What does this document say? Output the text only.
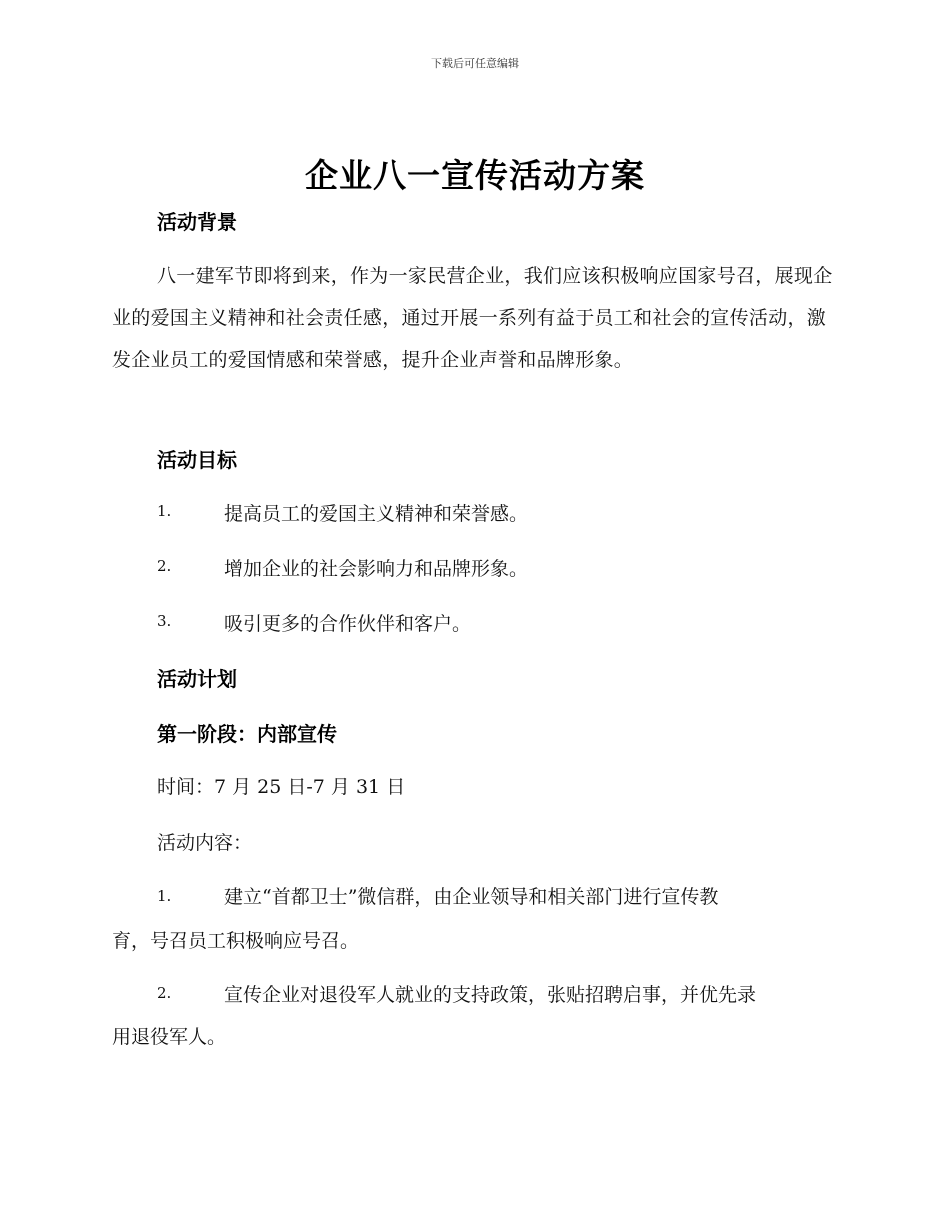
下载后可任意编辑
企业八一宣传活动方案
活动背景
八一建军节即将到来，作为一家民营企业，我们应该积极响应国家号召，展现企业的爱国主义精神和社会责任感，通过开展一系列有益于员工和社会的宣传活动，激发企业员工的爱国情感和荣誉感，提升企业声誉和品牌形象。
活动目标
1.	提高员工的爱国主义精神和荣誉感。
2.	增加企业的社会影响力和品牌形象。
3.	吸引更多的合作伙伴和客户。
活动计划
第一阶段：内部宣传
时间：7 月 25 日-7 月 31 日
活动内容：
1.	建立“首都卫士”微信群，由企业领导和相关部门进行宣传教
育，号召员工积极响应号召。
2.	宣传企业对退役军人就业的支持政策，张贴招聘启事，并优先录
用退役军人。
